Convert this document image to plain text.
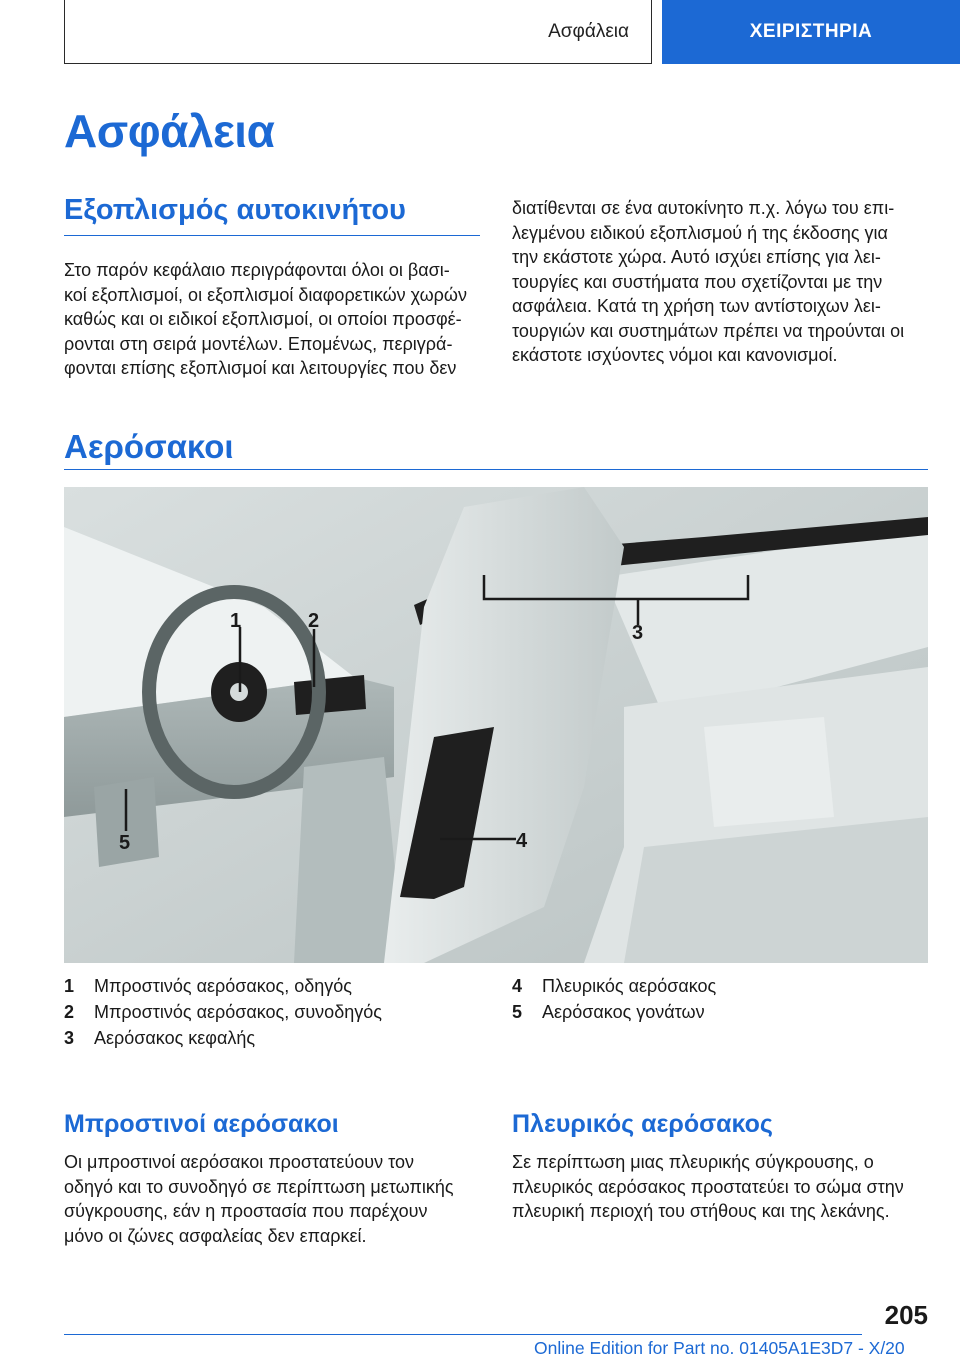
Ασφάλεια	ΧΕΙΡΙΣΤΗΡΙΑ
Ασφάλεια
Εξοπλισμός αυτοκινήτου
Στο παρόν κεφάλαιο περιγράφονται όλοι οι βασι-
κοί εξοπλισμοί, οι εξοπλισμοί διαφορετικών χωρών
καθώς και οι ειδικοί εξοπλισμοί, οι οποίοι προσφέ-
ρονται στη σειρά μοντέλων. Επομένως, περιγρά-
φονται επίσης εξοπλισμοί και λειτουργίες που δεν
διατίθενται σε ένα αυτοκίνητο π.χ. λόγω του επι-
λεγμένου ειδικού εξοπλισμού ή της έκδοσης για
την εκάστοτε χώρα. Αυτό ισχύει επίσης για λει-
τουργίες και συστήματα που σχετίζονται με την
ασφάλεια. Κατά τη χρήση των αντίστοιχων λει-
τουργιών και συστημάτων πρέπει να τηρούνται οι
εκάστοτε ισχύοντες νόμοι και κανονισμοί.
Αερόσακοι
1	2
3
4
5
1	Μπροστινός αερόσακος, οδηγός
2	Μπροστινός αερόσακος, συνοδηγός
3	Αερόσακος κεφαλής
4	Πλευρικός αερόσακος
5	Αερόσακος γονάτων
Μπροστινοί αερόσακοι
Οι μπροστινοί αερόσακοι προστατεύουν τον
οδηγό και το συνοδηγό σε περίπτωση μετωπικής
σύγκρουσης, εάν η προστασία που παρέχουν
μόνο οι ζώνες ασφαλείας δεν επαρκεί.
Πλευρικός αερόσακος
Σε περίπτωση μιας πλευρικής σύγκρουσης, ο
πλευρικός αερόσακος προστατεύει το σώμα στην
πλευρική περιοχή του στήθους και της λεκάνης.
205
Online Edition for Part no. 01405A1E3D7 - X/20
